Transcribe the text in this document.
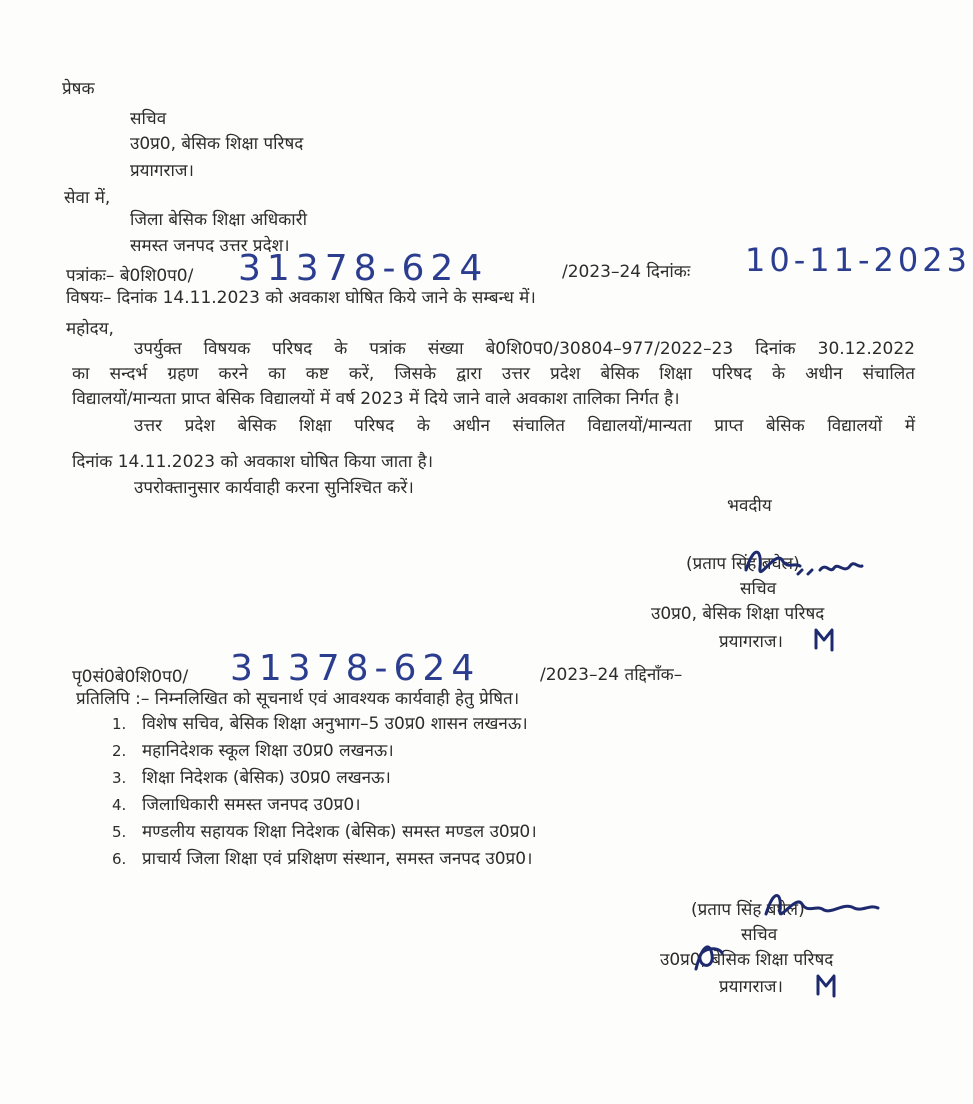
प्रेषक
सचिव
उ0प्र0, बेसिक शिक्षा परिषद
प्रयागराज।
सेवा में,
जिला बेसिक शिक्षा अधिकारी
समस्त जनपद उत्तर प्रदेश।
पत्रांकः– बे0शि0प0/ 31378-624	/2023–24 दिनांकः 10-11-2023
विषयः– दिनांक 14.11.2023 को अवकाश घोषित किये जाने के सम्बन्ध में।
महोदय,
उपर्युक्त विषयक परिषद के पत्रांक संख्या बे0शि0प0/30804–977/2022–23 दिनांक 30.12.2022
का सन्दर्भ ग्रहण करने का कष्ट करें, जिसके द्वारा उत्तर प्रदेश बेसिक शिक्षा परिषद के अधीन संचालित
विद्यालयों/मान्यता प्राप्त बेसिक विद्यालयों में वर्ष 2023 में दिये जाने वाले अवकाश तालिका निर्गत है।
उत्तर प्रदेश बेसिक शिक्षा परिषद के अधीन संचालित विद्यालयों/मान्यता प्राप्त बेसिक विद्यालयों में
दिनांक 14.11.2023 को अवकाश घोषित किया जाता है।
उपरोक्तानुसार कार्यवाही करना सुनिश्चित करें।
भवदीय
(प्रताप सिंह बघेल)
सचिव
उ0प्र0, बेसिक शिक्षा परिषद
प्रयागराज।
पृ0सं0बे0शि0प0/ 31378-624	/2023–24 तद्दिनाँक–
प्रतिलिपि :– निम्नलिखित को सूचनार्थ एवं आवश्यक कार्यवाही हेतु प्रेषित।
1. विशेष सचिव, बेसिक शिक्षा अनुभाग–5 उ0प्र0 शासन लखनऊ।
2. महानिदेशक स्कूल शिक्षा उ0प्र0 लखनऊ।
3. शिक्षा निदेशक (बेसिक) उ0प्र0 लखनऊ।
4. जिलाधिकारी समस्त जनपद उ0प्र0।
5. मण्डलीय सहायक शिक्षा निदेशक (बेसिक) समस्त मण्डल उ0प्र0।
6. प्राचार्य जिला शिक्षा एवं प्रशिक्षण संस्थान, समस्त जनपद उ0प्र0।
(प्रताप सिंह बघेल)
सचिव
उ0प्र0, बेसिक शिक्षा परिषद
प्रयागराज।
